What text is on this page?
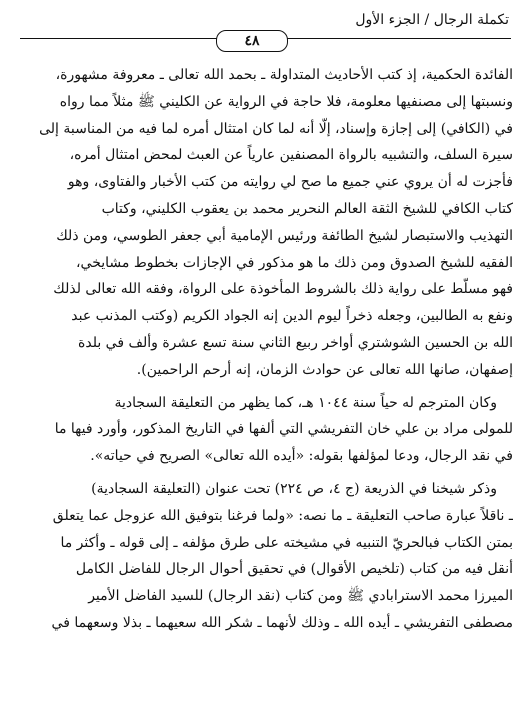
تكملة الرجال / الجزء الأول
٤٨
الفائدة الحكمية، إذ كتب الأحاديث المتداولة ـ بحمد الله تعالى ـ معروفة مشهورة،
ونسبتها إلى مصنفيها معلومة، فلا حاجة في الرواية عن الكليني ﷺ مثلاً مما رواه
في (الكافي) إلى إجازة وإسناد، إلّا أنه لما كان امتثال أمره لما فيه من المناسبة إلى
سيرة السلف، والتشبيه بالرواة المصنفين عارياً عن العبث لمحض امتثال أمره،
فأجزت له أن يروي عني جميع ما صح لي روايته من كتب الأخبار والفتاوى، وهو
كتاب الكافي للشيخ الثقة العالم النحرير محمد بن يعقوب الكليني، وكتاب
التهذيب والاستبصار لشيخ الطائفة ورئيس الإمامية أبي جعفر الطوسي، ومن ذلك
الفقيه للشيخ الصدوق ومن ذلك ما هو مذكور في الإجازات بخطوط مشايخي،
فهو مسلّط على رواية ذلك بالشروط المأخوذة على الرواة، وفقه الله تعالى لذلك
ونفع به الطالبين، وجعله ذخراً ليوم الدين إنه الجواد الكريم (وكتب المذنب عبد
الله بن الحسين الشوشتري أواخر ربيع الثاني سنة تسع عشرة وألف في بلدة
إصفهان، صانها الله تعالى عن حوادث الزمان، إنه أرحم الراحمين).
وكان المترجم له حياً سنة ١٠٤٤ هـ، كما يظهر من التعليقة السجادية
للمولى مراد بن علي خان التفريشي التي ألفها في التاريخ المذكور، وأورد فيها ما
في نقد الرجال، ودعا لمؤلفها بقوله: «أيده الله تعالى» الصريح في حياته».
وذكر شيخنا في الذريعة (ج ٤، ص ٢٢٤) تحت عنوان (التعليقة السجادية)
ـ ناقلاً عبارة صاحب التعليقة ـ ما نصه: «ولما فرغنا بتوفيق الله عزوجل عما يتعلق
بمتن الكتاب فبالحريّ التنبيه في مشيخته على طرق مؤلفه ـ إلى قوله ـ وأكثر ما
أنقل فيه من كتاب (تلخيص الأقوال) في تحقيق أحوال الرجال للفاضل الكامل
الميرزا محمد الاسترابادي ﷺ ومن كتاب (نقد الرجال) للسيد الفاضل الأمير
مصطفى التفريشي ـ أيده الله ـ وذلك لأنهما ـ شكر الله سعيهما ـ بذلا وسعهما في
